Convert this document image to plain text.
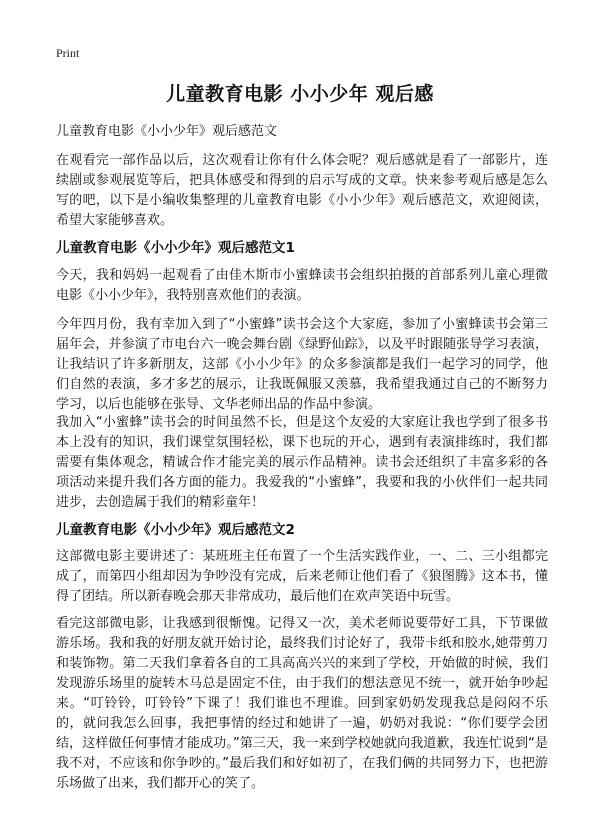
Print
儿童教育电影 小小少年 观后感

儿童教育电影《小小少年》观后感范文

在观看完一部作品以后，这次观看让你有什么体会呢？观后感就是看了一部影片，连续剧或参观展览等后，把具体感受和得到的启示写成的文章。快来参考观后感是怎么写的吧，以下是小编收集整理的儿童教育电影《小小少年》观后感范文，欢迎阅读，希望大家能够喜欢。

儿童教育电影《小小少年》观后感范文1

今天，我和妈妈一起观看了由佳木斯市小蜜蜂读书会组织拍摄的首部系列儿童心理微电影《小小少年》，我特别喜欢他们的表演。

今年四月份，我有幸加入到了“小蜜蜂”读书会这个大家庭，参加了小蜜蜂读书会第三届年会，并参演了市电台六一晚会舞台剧《绿野仙踪》，以及平时跟随张导学习表演，让我结识了许多新朋友，这部《小小少年》的众多参演都是我们一起学习的同学，他们自然的表演，多才多艺的展示，让我既佩服又羡慕，我希望我通过自己的不断努力学习，以后也能够在张导、文华老师出品的作品中参演。

我加入“小蜜蜂”读书会的时间虽然不长，但是这个友爱的大家庭让我也学到了很多书本上没有的知识，我们课堂氛围轻松，课下也玩的开心，遇到有表演排练时，我们都需要有集体观念，精诚合作才能完美的展示作品精神。读书会还组织了丰富多彩的各项活动来提升我们各方面的能力。我爱我的“小蜜蜂”，我要和我的小伙伴们一起共同进步，去创造属于我们的精彩童年！

儿童教育电影《小小少年》观后感范文2

这部微电影主要讲述了：某班班主任布置了一个生活实践作业，一、二、三小组都完成了，而第四小组却因为争吵没有完成，后来老师让他们看了《狼图腾》这本书，懂得了团结。所以新春晚会那天非常成功，最后他们在欢声笑语中玩雪。

看完这部微电影，让我感到很惭愧。记得又一次，美术老师说要带好工具，下节课做游乐场。我和我的好朋友就开始讨论，最终我们讨论好了，我带卡纸和胶水,她带剪刀和装饰物。第二天我们拿着各自的工具高高兴兴的来到了学校，开始做的时候，我们发现游乐场里的旋转木马总是固定不住，由于我们的想法意见不统一，就开始争吵起来。“叮铃铃，叮铃铃”下课了！我们谁也不理谁。回到家奶奶发现我总是闷闷不乐的，就问我怎么回事，我把事情的经过和她讲了一遍，奶奶对我说：“你们要学会团结，这样做任何事情才能成功。”第三天，我一来到学校她就向我道歉，我连忙说到“是我不对，不应该和你争吵的。”最后我们和好如初了，在我们俩的共同努力下，也把游乐场做了出来，我们都开心的笑了。
